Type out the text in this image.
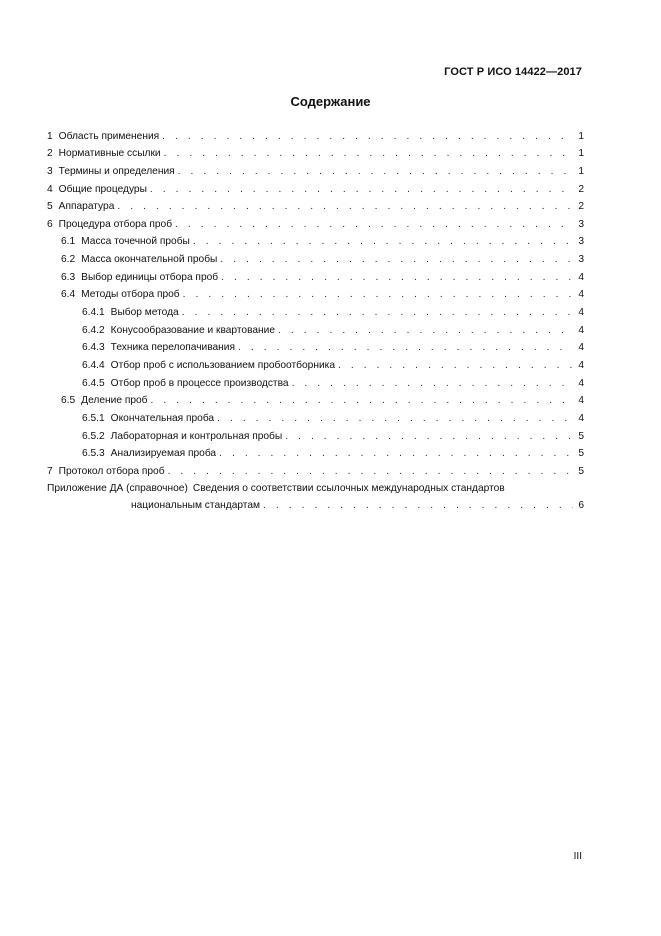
ГОСТ Р ИСО 14422—2017
Содержание
1 Область применения . . .	1
2 Нормативные ссылки . . .	1
3 Термины и определения . . .	1
4 Общие процедуры . . .	2
5 Аппаратура . . .	2
6 Процедура отбора проб . . .	3
6.1 Масса точечной пробы . . .	3
6.2 Масса окончательной пробы . . .	3
6.3 Выбор единицы отбора проб . . .	4
6.4 Методы отбора проб . . .	4
6.4.1 Выбор метода . . .	4
6.4.2 Конусообразование и квартование . . .	4
6.4.3 Техника перелопачивания . . .	4
6.4.4 Отбор проб с использованием пробоотборника . . .	4
6.4.5 Отбор проб в процессе производства . . .	4
6.5 Деление проб . . .	4
6.5.1 Окончательная проба . . .	4
6.5.2 Лабораторная и контрольная пробы . . .	5
6.5.3 Анализируемая проба . . .	5
7 Протокол отбора проб . . .	5
Приложение ДА (справочное) Сведения о соответствии ссылочных международных стандартов
национальным стандартам . . .	6
III
